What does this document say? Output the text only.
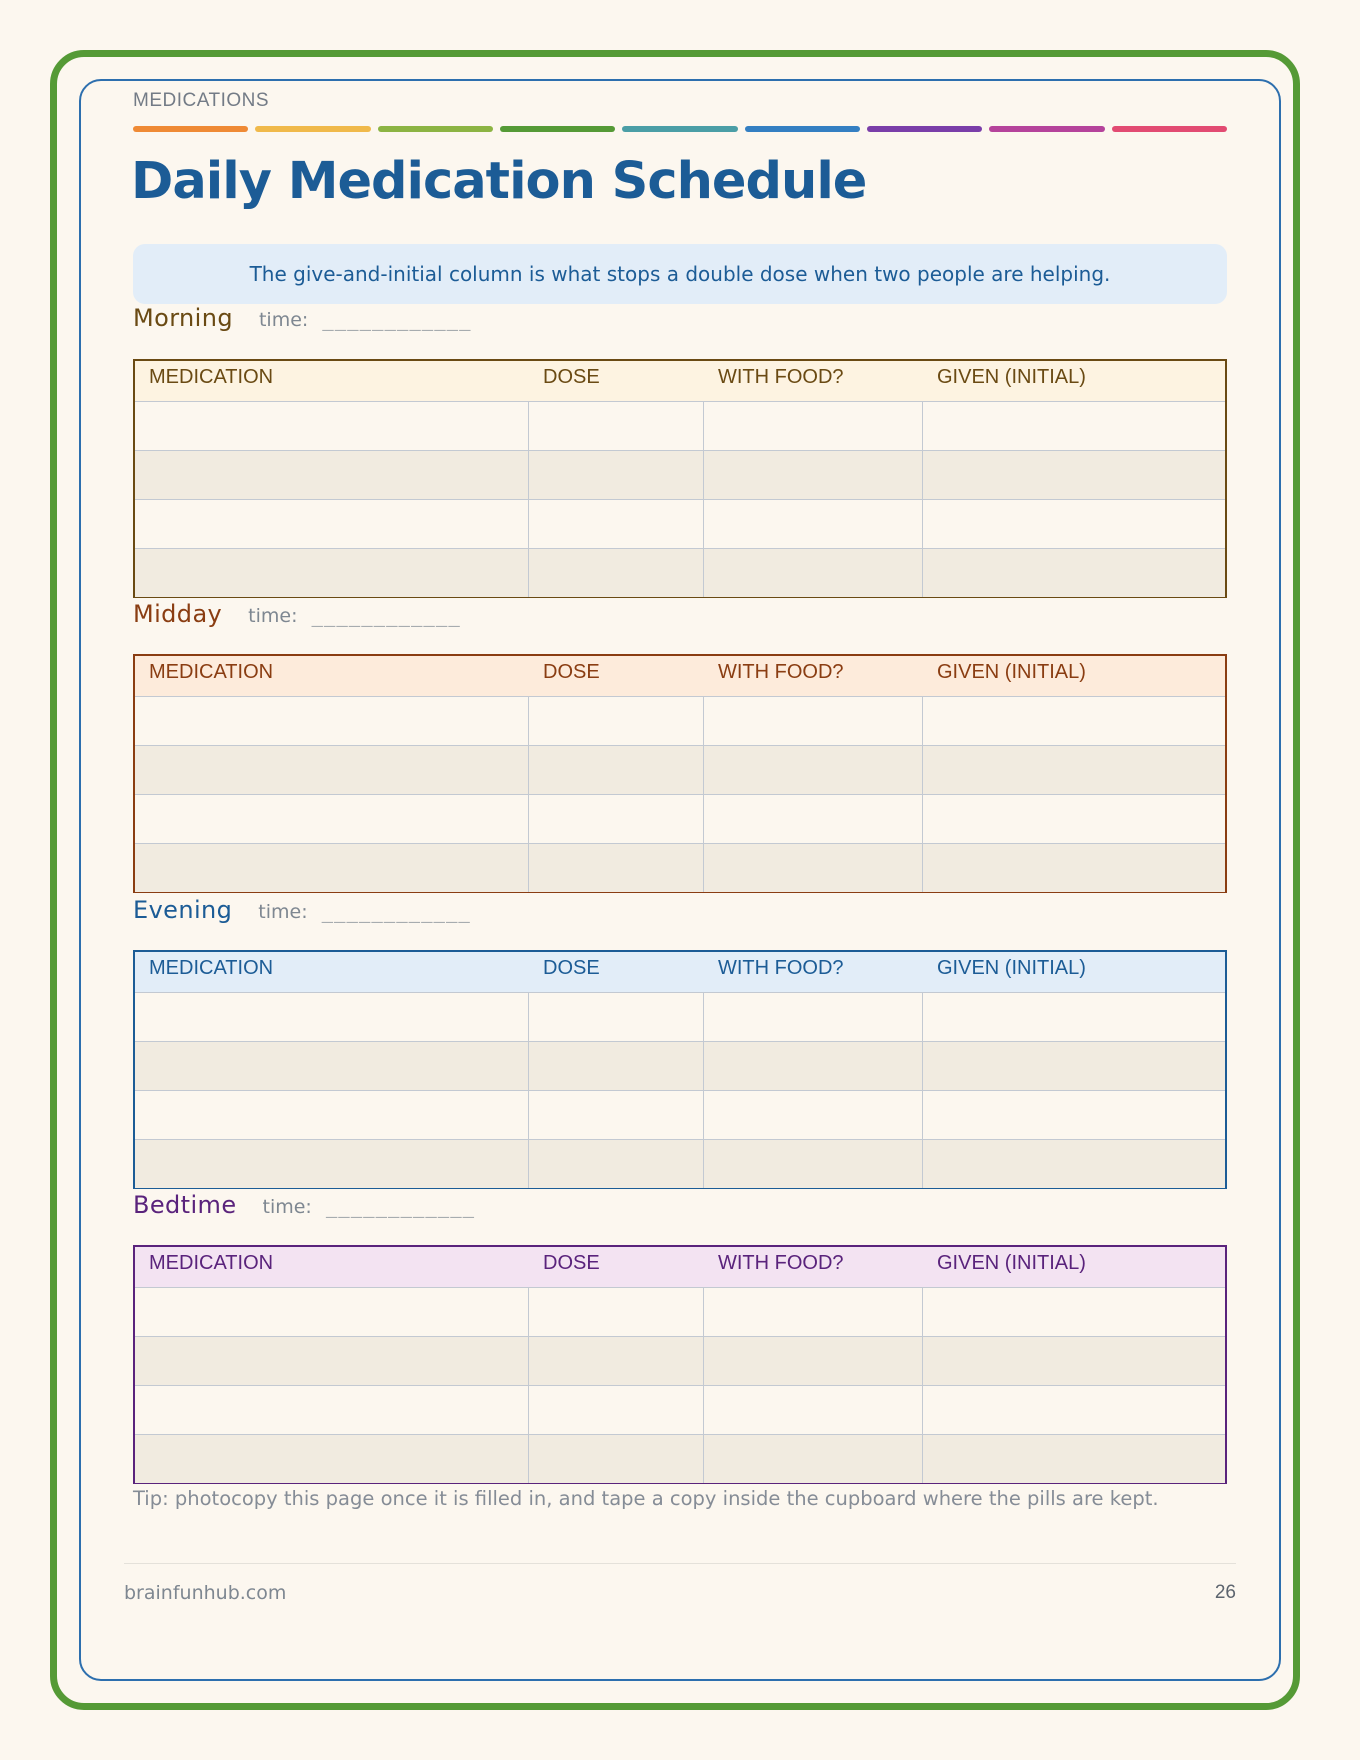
MEDICATIONS
Daily Medication Schedule
The give-and-initial column is what stops a double dose when two people are helping.
Morning time: ____________
MEDICATION	DOSE	WITH FOOD?	GIVEN (INITIAL)
Midday time: ____________
MEDICATION	DOSE	WITH FOOD?	GIVEN (INITIAL)
Evening time: ____________
MEDICATION	DOSE	WITH FOOD?	GIVEN (INITIAL)
Bedtime time: ____________
MEDICATION	DOSE	WITH FOOD?	GIVEN (INITIAL)
Tip: photocopy this page once it is filled in, and tape a copy inside the cupboard where the pills are kept.
brainfunhub.com	26
